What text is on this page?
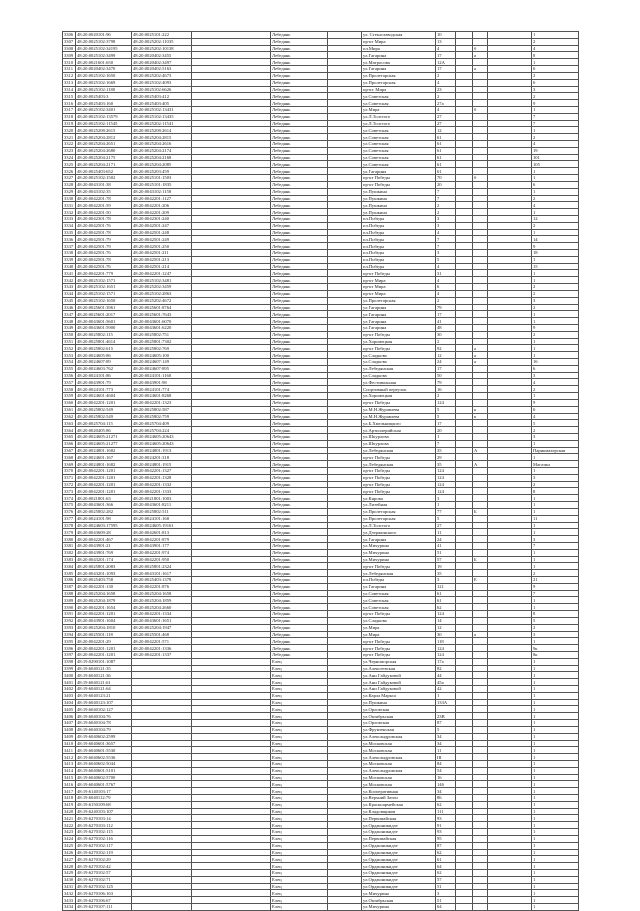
3306	48:20:0020101:96	48:20:0025101:222		Лебедянь		ул. Стеклозаводская	10				1
3307	48:20:0025102:3798	48:20:0025202:11035		Лебедянь		пр-кт Мира	13				2
3308	48:20:0025102:34195	48:20:0025202:10138		Лебедянь		пл.Мира	4		б		4
3309	48:20:0025102:3499	48:20:0020402:3455		Лебедянь		ул.Гагарина	17		а		8
3310	48:20:0021601:650	48:20:0020402:3497		Лебедянь		ул.Матросова	12А				1
3311	48:20:0020402:3470	48:20:0020402:5163		Лебедянь		ул.Гагарина	17		а		6
3312	48:20:0025102:1650	48:20:0025202:4673		Лебедянь		ул.Пролетарская	2				2
3313	48:20:0025102:1669	48:20:0025102:4093		Лебедянь		ул.Пролетарская	4				6
3314	48:20:0025102:1180	48:20:0025102:6626		Лебедянь		пр-кт. Мира	23				3
3315	48:20:0025403:3	48:20:0025403:412		Лебедянь		ул.Советская	2				2
3316	48:20:0025403:160	48:20:0025403:405		Лебедянь		ул.Советская	27а				9
3317	48:20:0025102:3401	48:20:0025102:13431		Лебедянь		ул.Мира	4		б		1
3318	48:20:0025102:13579	48:20:0025102:13435		Лебедянь		ул.Л.Толстого	27				7
3319	48:20:0025102:11545	48:20:0025202:11541		Лебедянь		ул.Л.Толстого	27				7
3320	48:20:0025208:2615	48:20:0025208:2614		Лебедянь		ул.Советская	12				1
3321	48:20:0025204:2812	48:20:0025204:2815		Лебедянь		ул.Советская	61				2
3322	48:20:0025204:2651	48:20:0025204:2616		Лебедянь		ул.Советская	61				4
3323	48:20:0025204:2680	48:20:0025204:2174		Лебедянь		ул.Советская	61				19
3324	48:20:0025204:2175	48:20:0025204:2168		Лебедянь		ул.Советская	61				101
3325	48:20:0025204:2171	48:20:0025204:2085		Лебедянь		ул.Советская	61				105
3326	48:20:0025403:652	48:20:0025203:459		Лебедянь		ул.Гагарина	61				1
3327	48:20:0025102:1502	48:20:0025101:1503		Лебедянь		пр-кт Победы	70		б		1
3328	48:20:0043101:38	48:20:0025101:1835		Лебедянь		пр-кт Победы	20				6
3329	48:20:0043102:35	48:20:0043102:1158		Лебедянь		ул.Пушкина	7				1
3330	48:20:0042201:78	48:20:0042201:1127		Лебедянь		ул.Пушкина	7				2
3331	48:20:0042201:59	48:20:0042201:206		Лебедянь		ул.Пушкина	2				4
3332	48:20:0042201:50	48:20:0042201:209		Лебедянь		ул.Пушкина	2				1
3333	48:20:0042301:78	48:20:0042301:240		Лебедянь		пл.Победы	3				12
3334	48:20:0042501:76	48:20:0042501:247		Лебедянь		пл.Победы	3				2
3335	48:20:0042501:78	48:20:0042501:248		Лебедянь		пл.Победы	4				1
3336	48:20:0042501:79	48:20:0042501:249		Лебедянь		пл.Победы	7				14
3337	48:20:0042501:79	48:20:0042501:250		Лебедянь		пл.Победы	7				9
3338	48:20:0042501:76	48:20:0042501:211		Лебедянь		пл.Победы	3				18
3339	48:20:0042501:78	48:20:0042501:213		Лебедянь		пл.Победы	5				1
3340	48:20:0042501:76	48:20:0042501:214		Лебедянь		пл.Победы	4				15
3341	48:20:0042201:779	48:20:0042201:1247		Лебедянь		пр-кт Победы	31				1
3342	48:20:0025102:1571	48:20:0025102:3481		Лебедянь		пр-кт Мира	4				1
3343	48:20:0025102:1651	48:20:0025202:3459		Лебедянь		пр-кт Мира	6				2
3344	48:20:0025102:1571	48:20:0025102:2863		Лебедянь		пр-кт Мира	4				2
3345	48:20:0025102:1650	48:20:0025202:4672		Лебедянь		ул.Пролетарская	2				3
3346	48:20:0025601:3961	48:20:0025601:8764		Лебедянь		ул.Гагарина	79				2
3347	48:20:0025601:2017	48:20:0025601:7643		Лебедянь		ул.Гагарина	17				1
3348	48:20:0043601:5601	48:20:0043601:6070		Лебедянь		ул.Гагарина	41				1
3349	48:20:0043601:5900	48:20:0043601:6220		Лебедянь		ул.Гагарина	48				9
3350	48:20:0025802:115	48:20:0025802:751		Лебедянь		пр-кт Победы	30				2
3351	48:20:0025801:4614	48:20:0025801:7302		Лебедянь		ул.Хоромецкая	2				1
3352	48:20:0025802:615	48:20:0025802:769		Лебедянь		пр-кт Победы	92		а		1
3353	48:20:0024605:86	48:20:0024605:100		Лебедянь		ул.Сладкова	12		а		1
3354	48:20:0024607:89	48:20:0024607:149		Лебедянь		ул.Сладкова	24		а		16
3355	48:20:0024603:762	48:20:0024607:895		Лебедянь		ул.Лебедянская	17				6
3356	48:20:0024101:86	48:20:0024101:1160		Лебедянь		ул.Сладкова	50				3
3357	48:20:0043901:79	48:20:0043901:98		Лебедянь		ул.Фестивальная	79				4
3358	48:20:0024101:773	48:20:0024101:774		Лебедянь		Спортивный переулок	16				2
3359	48:20:0024601:4604	48:20:0024601:8268		Лебедянь		ул.Хоромецкая	2				1
3360	48:20:0042201:1201	48:20:0042201:1323		Лебедянь		пр-кт Победы	124				9
3361	48:20:0025802:549	48:20:0025802:587		Лебедянь		ул.М.Н.Журавлева	5		к		6
3362	48:20:0025802:549	48:20:0025802:759		Лебедянь		ул.М.Н.Журавлева	5		к		4
3363	48:20:0025704:115	48:20:0025704:409		Лебедянь		ул.Б.Хмельницкого	17				5
3364	48:20:0020405:86	48:20:0025704:224		Лебедянь		ул.Артиллерийская	20				2
3365	48:20:0024605:21271	48:20:0024605:20643		Лебедянь		ул.Шкурлова	1				3
3366	48:20:0024605:21277	48:20:0024605:20643		Лебедянь		ул.Шкурлова	7				1
3367	48:20:0024801:1682	48:20:0024801:1913		Лебедянь		ул.Лебедянская	35		А		Парикмахерская
3368	48:20:0024601:167	48:20:0024201:318		Лебедянь		пр-кт Победы	29				1
3369	48:20:0024801:1682	48:20:0024801:1915		Лебедянь		ул.Лебедянская	35		А		Магазин
3370	48:20:0042201:1201	48:20:0042201:1327		Лебедянь		пр-кт Победы	124				1
3371	48:20:0042201:1201	48:20:0042201:1328		Лебедянь		пр-кт Победы	124				3
3372	48:20:0042201:1201	48:20:0042201:1332		Лебедянь		пр-кт Победы	124				2
3373	48:20:0042201:1201	48:20:0042201:1333		Лебедянь		пр-кт Победы	124				8
3374	48:20:0021801:63	48:20:0021801:1003		Лебедянь		ул.Кирова	3				1
3375	48:20:0043601:366	48:20:0043601:8211		Лебедянь		ул.Литейная	1				1
3376	48:20:0025802:282	48:20:0025802:511		Лебедянь		ул.Пролетарская	77		Б		1
3377	48:20:0024101:98	48:20:0024101:168		Лебедянь		ул.Пролетарская	5				11
3378	48:20:0024603:17595	48:20:0024605:19161		Лебедянь		ул.Л.Толстого	27				1
3379	48:20:0043609:28	48:20:0042601:813		Лебедянь		ул.Дзержинского	11				1
3380	48:20:0042201:467	48:20:0042201:879		Лебедянь		ул.Гагарина	24				3
3381	48:20:0043901:21	48:20:0043901:177		Лебедянь		ул.Мичурина	41				7
3382	48:20:0043901:769	48:20:0042201:974		Лебедянь		ул.Мичурина	51				1
3383	48:20:0043201:174	48:20:0042201:950		Лебедянь		ул.Мичурина	57		Б		1
3384	48:20:0025801:2083	48:20:0025801:2324		Лебедянь		пр-кт Победы	19				1
3385	48:20:0043201:1093	48:20:0043101:1617		Лебедянь		ул.Лебедянская	35				2
3386	48:20:0025403:758	48:20:0025403:1378		Лебедянь		пл.Победы	3		Е		21
3387	48:20:0042201:130	48:20:0042201:876		Лебедянь		ул.Гагарина	121				9
3388	48:20:0025204:1658	48:20:0025204:1658		Лебедянь		ул.Советская	61				7
3389	48:20:0025204:1879	48:20:0025204:1859		Лебедянь		ул.Советская	61				1
3390	48:20:0042201:1654	48:20:0025204:2660		Лебедянь		ул.Советская	62				1
3391	48:20:0042201:1201	48:20:0042201:1334		Лебедянь		пр-кт Победы	124				8
3392	48:20:0043901:1604	48:20:0043601:1651		Лебедянь		ул.Сладкова	14				5
3393	48:20:0025204:1810	48:20:0025204:1947		Лебедянь		ул.Мира	12				2
3394	48:20:0025501:118	48:20:0025501:468		Лебедянь		ул.Мира	30		а		3
3395	48:20:0042201:29	48:20:0042201:571		Лебедянь		пр-кт Победы	118				1
3396	48:20:0042201:1201	48:20:0042201:1336		Лебедянь		пр-кт Победы	124				9к
3397	48:20:0042201:1201	48:20:0042201:1337		Лебедянь		пр-кт Победы	124				8к
3398	48:19:0290101:1087			Елец		ул.Черноморская	17а				1
3399	48:19:6040121:35			Елец		ул.Алексеевская	82				1
3400	48:19:6040121:36			Елец		ул.Ани Гайдуковой	44				1
3401	48:19:6040121:61			Елец		ул.Ани Гайдуковой	45а				1
3402	48:19:6040121:64			Елец		ул.Ани Гайдуковой	42				1
3403	48:19:6040123:21			Елец		ул.Карла Маркса	1				1
3404	48:19:6040123:107			Елец		ул.Пушкина	133А				1
3405	48:19:6040102:127			Елец		ул.Орловская					1
3406	48:19:6040104:76			Елец		ул.Октябрьская	23В				1
3407	48:19:6040104:78			Елец		ул.Орловская	87				1
3408	48:19:6040104:79			Елец		ул.Фрунзенская	5				1
3409	48:19:6040602:2599			Елец		ул.Александровская	34				1
3410	48:19:6040601:3657			Елец		ул.Московская	34				1
3411	48:19:6040601:5530			Елец		ул.Московская	11				1
3412	48:19:6040602:5536			Елец		ул.Александровская	III				1
3413	48:19:6040602:5044			Елец		ул.Московская	84				1
3414	48:19:6040601:5101			Елец		ул.Александровская	54				1
3415	48:19:6040602:5700			Елец		ул.Московская	16				1
3416	48:19:6040601:5767			Елец		ул.Московская	146				1
3417	48:19:6140103:17			Елец		ул.Кооперативная	34				1
3418	48:19:6040112:79			Елец		ул.Верхний Затон	86				1
3419	48:19:6150109:68			Елец		ул.Красноармейская	62				1
3420	48:19:6240103:107			Елец		ул.Кладовщиков	111				1
3421	48:19:6270103:14			Елец		ул.Первомайская	93				1
3422	48:19:6270103:112			Елец		ул.Орджоникидзе	91				1
3423	48:19:6270102:115			Елец		ул.Орджоникидзе	93				1
3424	48:19:6270102:116			Елец		ул.Первомайская	95				1
3425	48:19:6270102:117			Елец		ул.Орджоникидзе	87				1
3426	48:19:6270102:119			Елец		ул.Орджоникидзе	62				1
3427	48:19:6270102:29			Елец		ул.Орджоникидзе	61				1
3428	48:19:6270102:42			Елец		ул.Орджоникидзе	64				1
3429	48:19:6270102:57			Елец		ул.Орджоникидзе	62				1
3430	48:19:6270102:71			Елец		ул.Орджоникидзе	57				1
3431	48:19:6270102:125			Елец		ул.Орджоникидзе	51				1
3432	48:19:6270106:163			Елец		ул.Мичурина	3				1
3433	48:19:6270106:67			Елец		ул.Октябрьская	51				1
3434	48:19:6270107:111			Елец		ул.Мичурина	64				1
